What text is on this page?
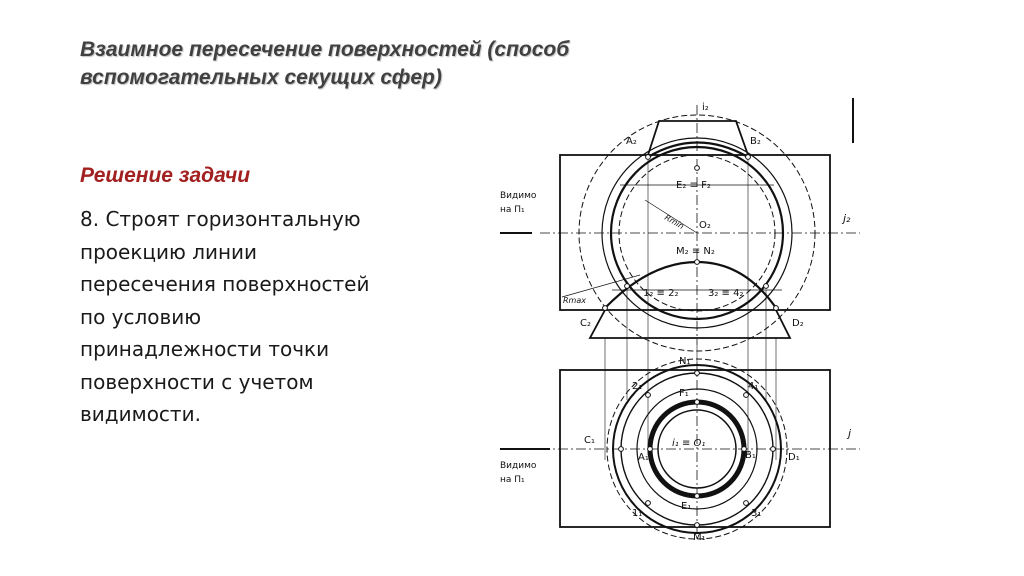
Взаимное пересечение поверхностей (способ
вспомогательных секущих сфер)
Решение задачи
8. Строят горизонтальную
проекцию линии
пересечения поверхностей
по условию
принадлежности точки
поверхности с учетом
видимости.
i₂
j₂
A₂	B₂
E₂ ≡ F₂
O₂
M₂ ≡ N₂
1₂ ≡ 2₂	3₂ ≡ 4₂
C₂	D₂
Rmin
Rmax
Видимо
на П₁
j
N₁
2₁	4₁
F₁
C₁
A₁
i₁ ≡ O₁
B₁	D₁
1₁	3₁
E₁
M₁
Видимо
на П₁
